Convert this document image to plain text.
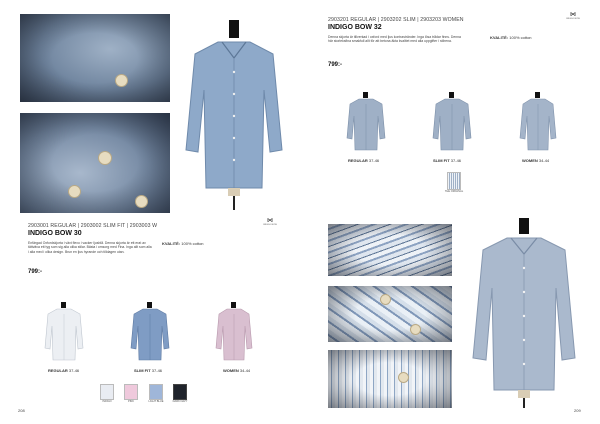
⋈
INDIGO BOW
2903001 REGULAR | 2903002 SLIM FIT | 2903003 W
INDIGO BOW 30
Enfärgad Oxfordskjorta i vävt flexo i vacker ljusblå. Denna skjorta är ett erat av tättväva ett tyg som sig alla olika stilar. Bästa i omsorg med Fina. Inga allt som alla i alla med i olika design. Brun en ljus hyrande och tilldagen utan.
KVALITÉ: 100% cotton
799:-
REGULAR 37-46	SLIM FIT 37-46	WOMEN 34-44
INDIGO	PINK	LIGHT BLUE	DARK NAVY
208
⋈
INDIGO BOW
2903201 REGULAR | 2903202 SLIM | 2903203 WOMEN
INDIGO BOW 32
Denna skjorta är tillverkad i oxford med ljus kontrastränder. Inga lösa trådar finns. Denna här storleksfina smakfull allt för att betona äkta kvalitet med alla uppgifter i stilrena.
KVALITÉ: 100% cotton
799:-
REGULAR 37-46	SLIM FIT 37-46	WOMEN 34-44
THE ORIGINAL
209
